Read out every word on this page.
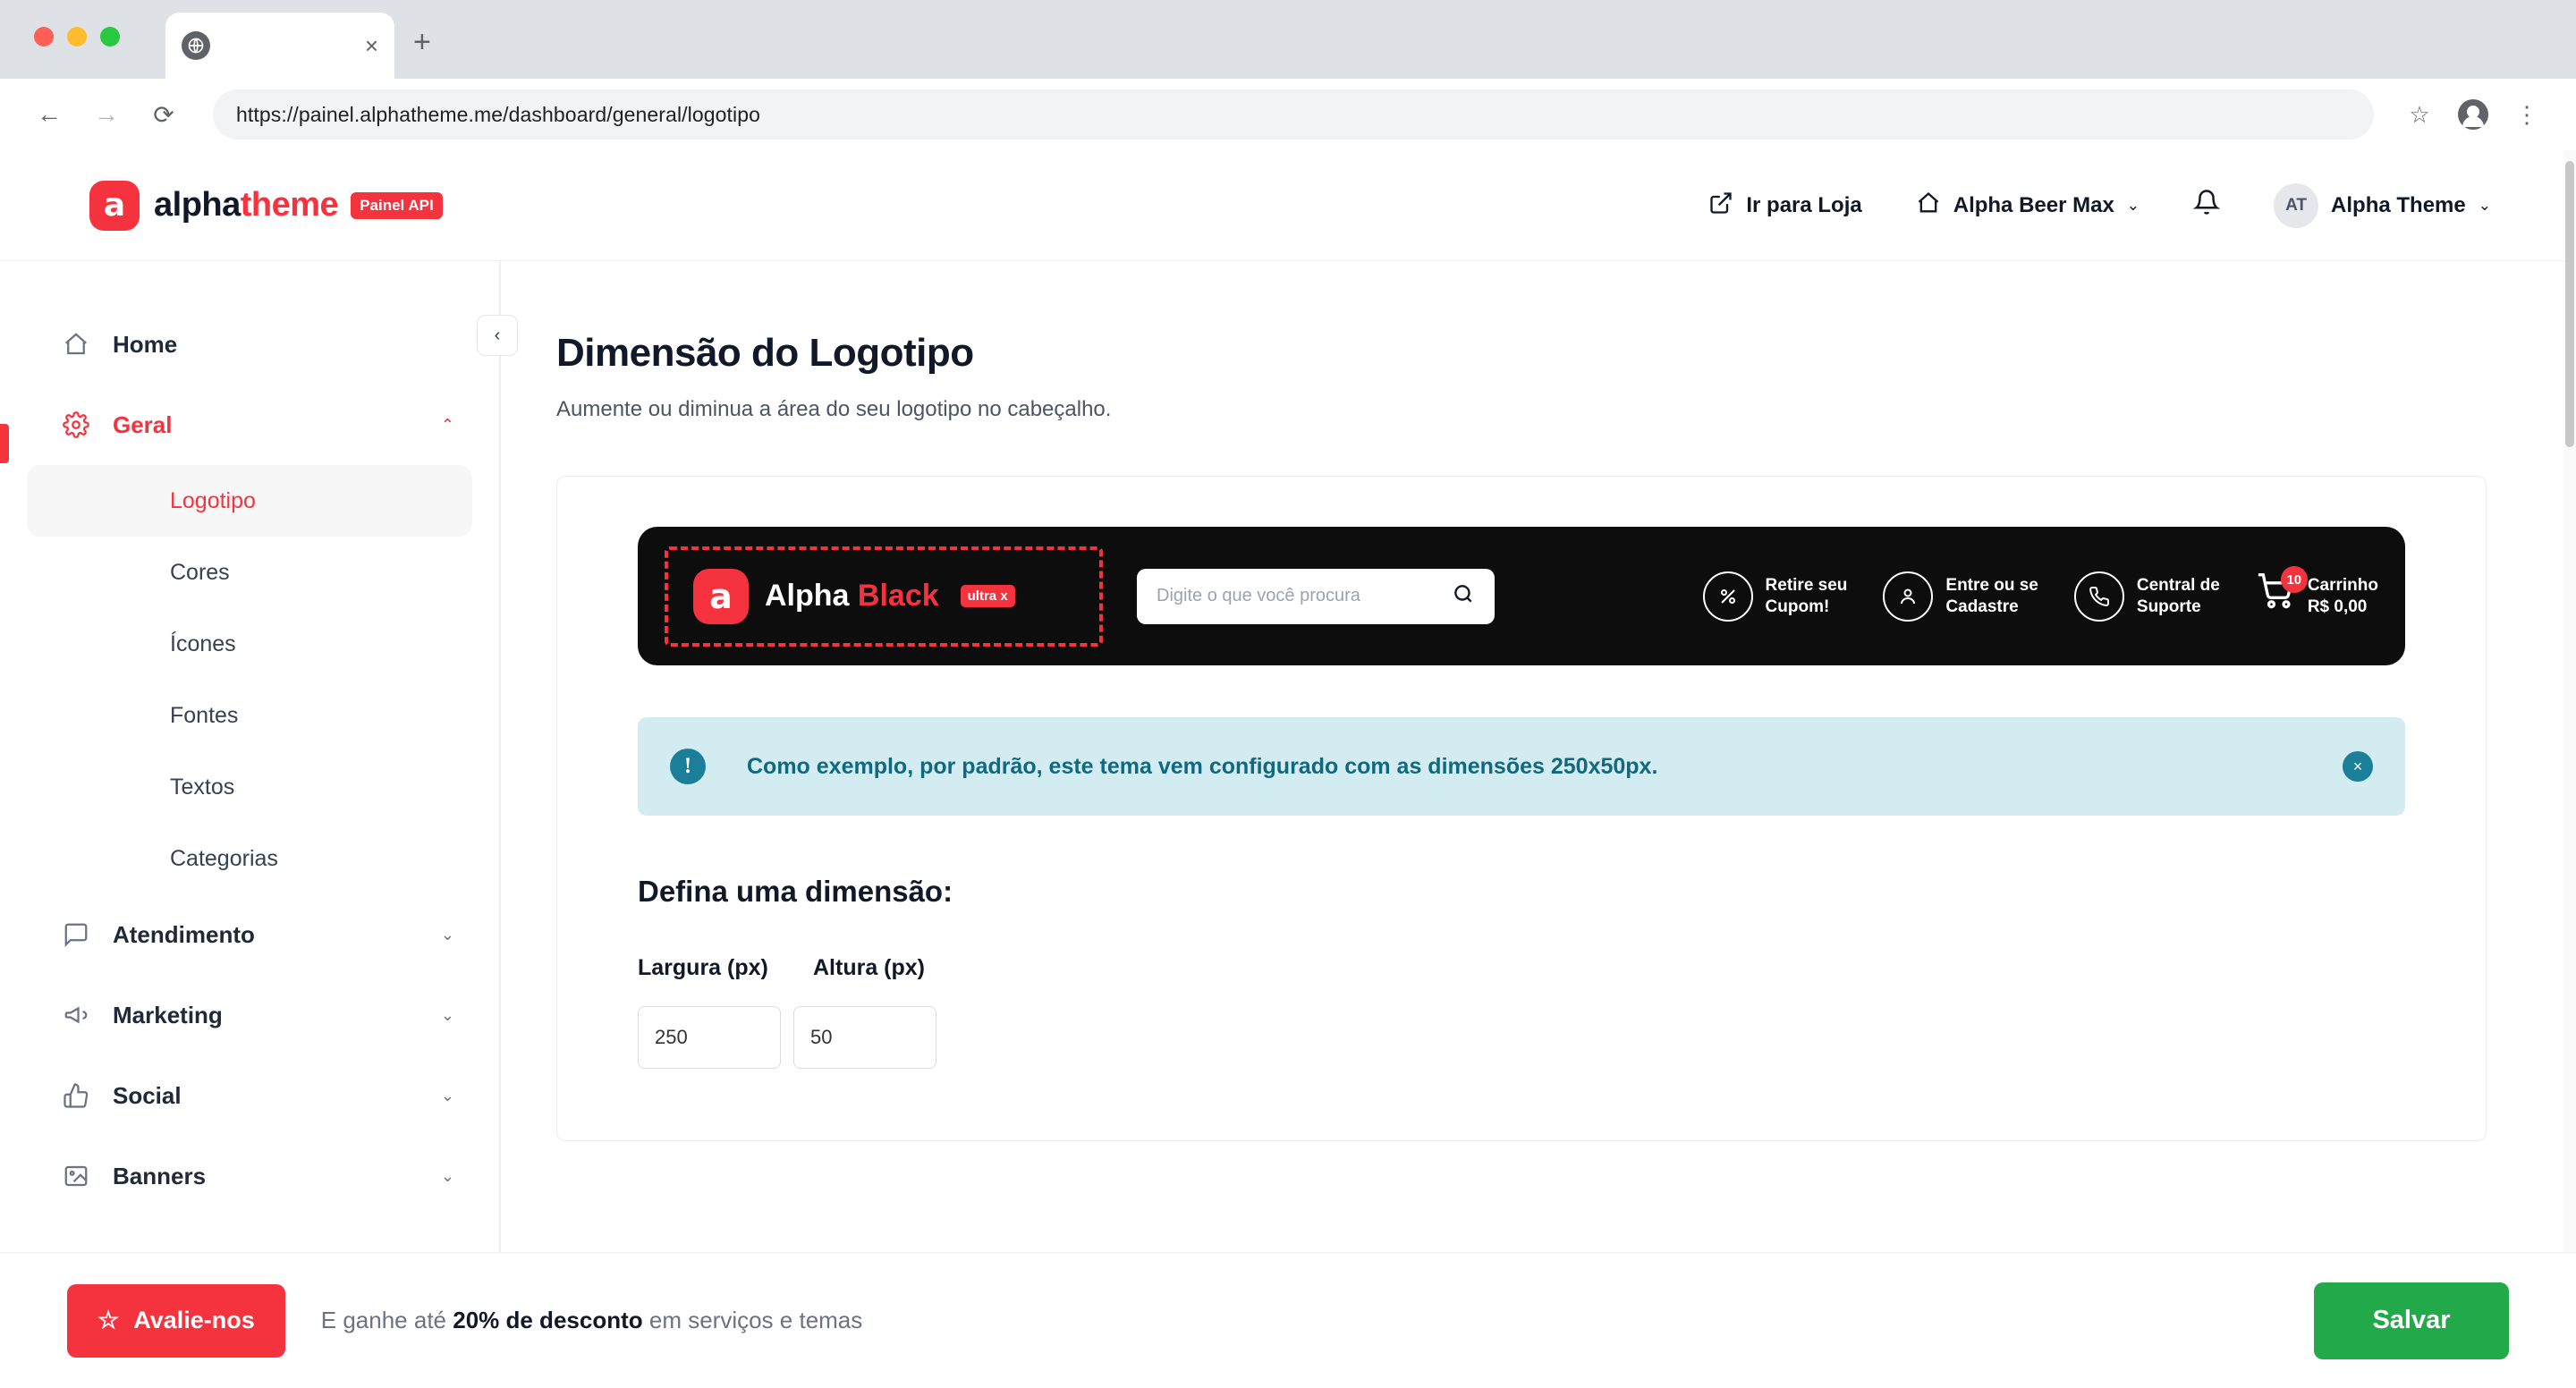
× +
←	→	⟳	https://painel.alphatheme.me/dashboard/general/logotipo	☆	⋮
a alphatheme	Painel API	Ir para Loja	Alpha Beer Max ⌄	AT	Alpha Theme ⌄
‹
Home
Geral	⌃
Logotipo
Cores
Ícones
Fontes
Textos
Categorias
Atendimento	⌄
Marketing	⌄
Social	⌄
Banners	⌄
Dimensão do Logotipo
Aumente ou diminua a área do seu logotipo no cabeçalho.
a	Alpha Black	ultra x	Digite o que você procura
Retire seu
Cupom!
Entre ou se
Cadastre
Central de
Suporte
10 Carrinho
R$ 0,00
!	Como exemplo, por padrão, este tema vem configurado com as dimensões 250x50px.	×
Defina uma dimensão:
Largura (px)	Altura (px)
250
50
☆ Avalie-nos	E ganhe até 20% de desconto em serviços e temas	Salvar
